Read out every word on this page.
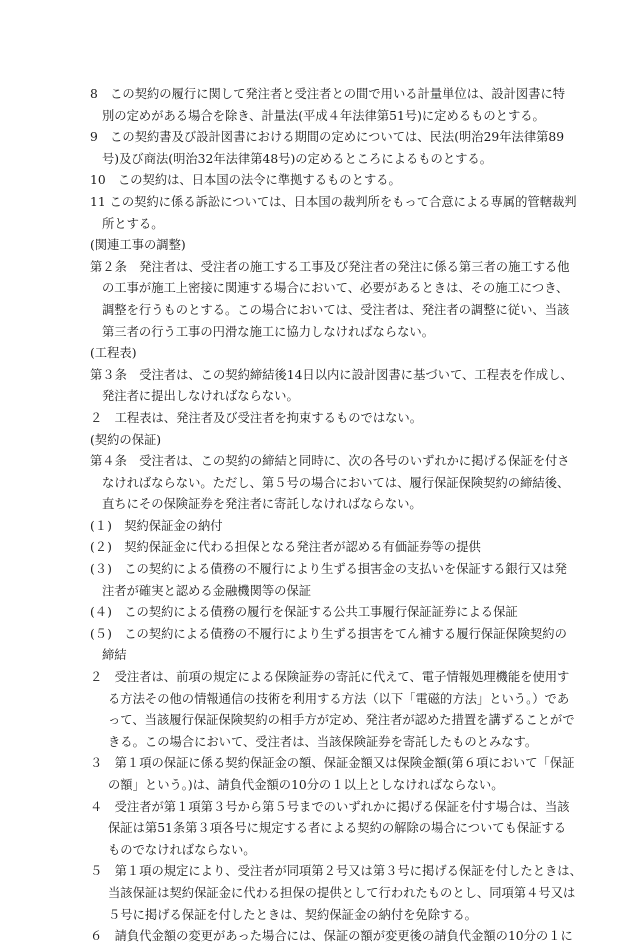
8　この契約の履行に関して発注者と受注者との間で用いる計量単位は、設計図書に特
別の定めがある場合を除き、計量法(平成４年法律第51号)に定めるものとする。
9　この契約書及び設計図書における期間の定めについては、民法(明治29年法律第89
号)及び商法(明治32年法律第48号)の定めるところによるものとする。
10　この契約は、日本国の法令に準拠するものとする。
11 この契約に係る訴訟については、日本国の裁判所をもって合意による専属的管轄裁判
所とする。
(関連工事の調整)
第２条　発注者は、受注者の施工する工事及び発注者の発注に係る第三者の施工する他
の工事が施工上密接に関連する場合において、必要があるときは、その施工につき、
調整を行うものとする。この場合においては、受注者は、発注者の調整に従い、当該
第三者の行う工事の円滑な施工に協力しなければならない。
(工程表)
第３条　受注者は、この契約締結後14日以内に設計図書に基づいて、工程表を作成し、
発注者に提出しなければならない。
２　工程表は、発注者及び受注者を拘束するものではない。
(契約の保証)
第４条　受注者は、この契約の締結と同時に、次の各号のいずれかに掲げる保証を付さ
なければならない。ただし、第５号の場合においては、履行保証保険契約の締結後、
直ちにその保険証券を発注者に寄託しなければならない。
(１)　契約保証金の納付
(２)　契約保証金に代わる担保となる発注者が認める有価証券等の提供
(３)　この契約による債務の不履行により生ずる損害金の支払いを保証する銀行又は発
注者が確実と認める金融機関等の保証
(４)　この契約による債務の履行を保証する公共工事履行保証証券による保証
(５)　この契約による債務の不履行により生ずる損害をてん補する履行保証保険契約の
締結
２　受注者は、前項の規定による保険証券の寄託に代えて、電子情報処理機能を使用す
る方法その他の情報通信の技術を利用する方法（以下「電磁的方法」という。）であ
って、当該履行保証保険契約の相手方が定め、発注者が認めた措置を講ずることがで
きる。この場合において、受注者は、当該保険証券を寄託したものとみなす。
３　第１項の保証に係る契約保証金の額、保証金額又は保険金額(第６項において「保証
の額」という。)は、請負代金額の10分の１以上としなければならない。
４　受注者が第１項第３号から第５号までのいずれかに掲げる保証を付す場合は、当該
保証は第51条第３項各号に規定する者による契約の解除の場合についても保証する
ものでなければならない。
５　第１項の規定により、受注者が同項第２号又は第３号に掲げる保証を付したときは、
当該保証は契約保証金に代わる担保の提供として行われたものとし、同項第４号又は
５号に掲げる保証を付したときは、契約保証金の納付を免除する。
６　請負代金額の変更があった場合には、保証の額が変更後の請負代金額の10分の１に
